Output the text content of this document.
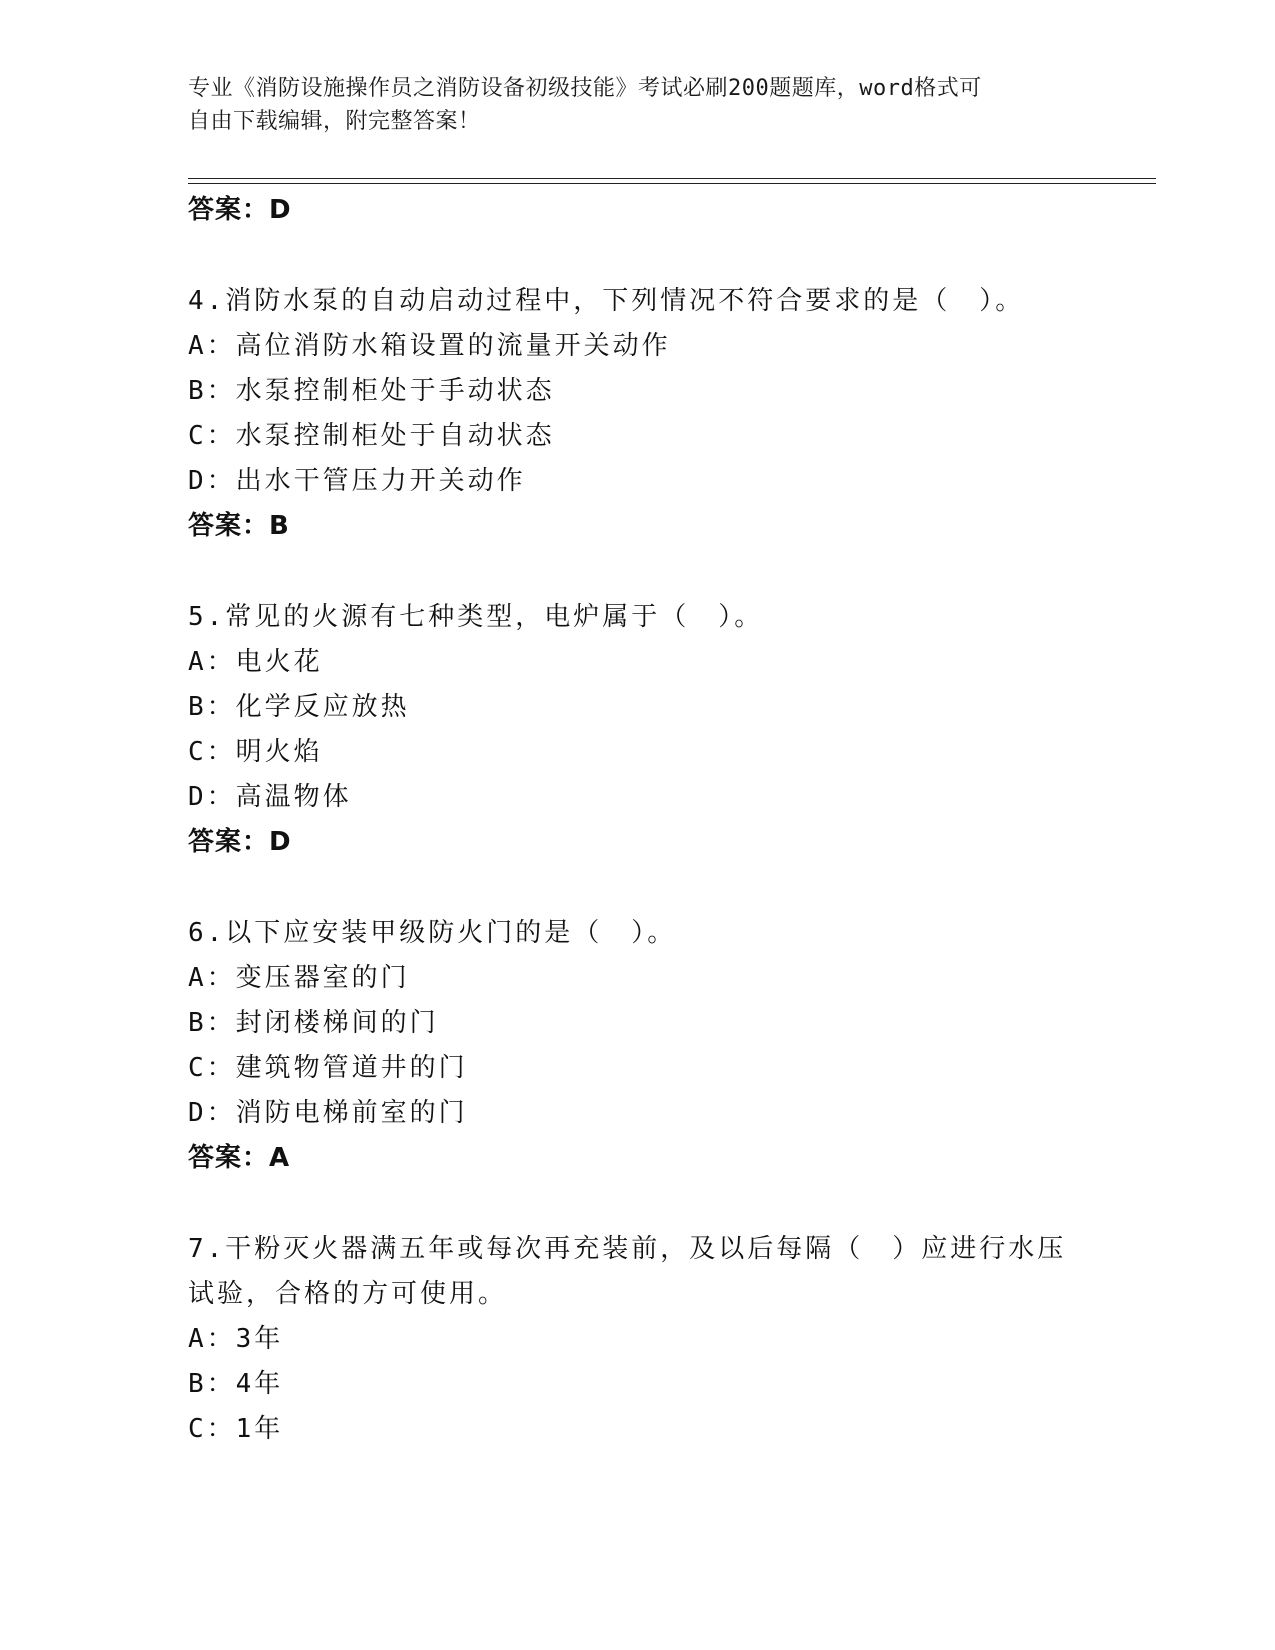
专业《消防设施操作员之消防设备初级技能》考试必刷200题题库，word格式可
自由下载编辑，附完整答案！
答案：D
4.消防水泵的自动启动过程中，下列情况不符合要求的是（　）。
A：高位消防水箱设置的流量开关动作
B：水泵控制柜处于手动状态
C：水泵控制柜处于自动状态
D：出水干管压力开关动作
答案：B
5.常见的火源有七种类型，电炉属于（　）。
A：电火花
B：化学反应放热
C：明火焰
D：高温物体
答案：D
6.以下应安装甲级防火门的是（　）。
A：变压器室的门
B：封闭楼梯间的门
C：建筑物管道井的门
D：消防电梯前室的门
答案：A
7.干粉灭火器满五年或每次再充装前，及以后每隔（　）应进行水压
试验，合格的方可使用。
A：3年
B：4年
C：1年
